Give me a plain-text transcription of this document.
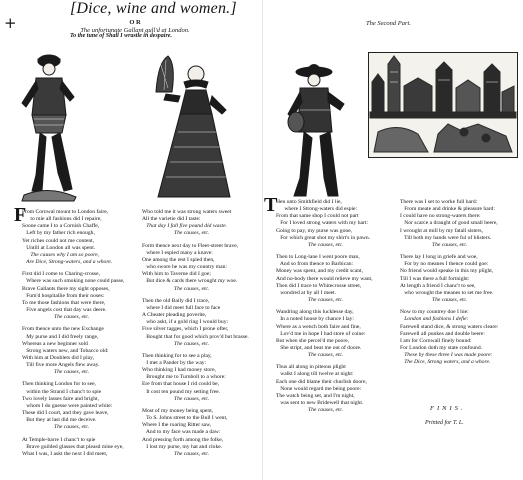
+
[Dice, wine and women.]
O R
The unfortunate Gallant gull'd at London.
To the tune of Shall I wrastle in despaire.
The Second Part.
F
From Cornwal mount to London faire,
to mie all fashions did I repaire,
Soone came I to a Cornish Chaffe,
Left by my father rich enough,
Yet riches could not me content,
Untill at London all was spent.
The causes why I am so poore,
Are Dice, Strong-waters, and a whore.
First did I come to Charing-crosse,
Where was such smoking none could passe,
Brave Gallants there my sight opposes,
Fum'd hospitallie from their noses:
To me those fashions that were there,
Five angels cost that day was deere.
The causes, etc.
From thence unto the new Exchange
My purse and I did freely range,
Whereas a new beginner sold
Strong waters new, and Tobacco old:
With him at Doublets did I play,
Till five more Angels flew away.
The causes, etc.
Then thinking London for to see,
within the Strand I chanc't to spie
Two lovely lasses faire and bright,
whom I do guesse were painted white:
These did I court, and they gave leave,
But they at last did me deceive.
The causes, etc.
At Temple-barre I chanc't to spie
Brave guilded glasses that pleasd mine eye,
What I was, I askt the next I did meet,
Who told me it was strong waters sweet
All the varietie did I taste:
That day I fall five pound did waste.
The causes, etc.
Form thence next day to Fleet-street brave,
where I espied many a knave:
One among the rest I spied then,
who swore he was my country man:
With him to Taverne did I goe;
But dice & cards there wrought my woe.
The causes, etc.
Then the old Baily did I trace,
where I did meet full face to face
A Cheater pleading poverite,
who askt, if a gold ring I would buy:
Five silver tagges, which I prone ofter,
Bought that for good which prov'd but brasse.
The causes, etc.
Then thinking for to see a play,
I met a Pander by the way:
Who thinking I had money store,
Brought me to Turnboll to a whore:
Ere from that house I rid could be,
It cost ten pound my setting free.
The causes, etc.
Most of my money being spent,
To S. Johns street to the Bull I went,
Where I the roaring Ritter saw,
And to my face was made a daw:
And pressing forth among the folke,
I lost my purse, my hat and cloke.
The causes, etc.
T
Hen unto Smithfield did I lie,
where I Strong-waters did espie:
From that same shop I could not part
For I loved strong waters with my hart:
Going to pay, my purse was gone,
For which great shot my shirt's in pawn.
The causes, etc.
Then to Long-lane I went poore man,
And so from thence to Barbican:
Money was spent, and my credit scant,
And no-body there would relieve my want,
Then did I trace to Whitecrosse street,
wondred at by all I meet.
The causes, etc.
Wandring along this lucklesse day,
In a noted house by chance I lay:
Where as a wench both faire and fine,
Lov'd me in hope I had store of coine:
But when she percei'd me poore,
She stript, and beat me out of doore.
The causes, etc.
Thus all along in piteous plight
walkt I along till twelve at night:
Each one did blame their churlish doore,
None would regard me being poore:
The watch being set, and I'm night,
was sent to new Bridewell that night.
The causes, etc.
There was I set to worke full hard:
From meate and drinke & pleasure hard:
I could have no strong-waters there:
Nor scarce a draught of good small beere,
I wrought at mill by my fatall sisters,
Till both my hands were ful of blisters.
The causes, etc.
There lay I long in griefe and woe,
For by no meanes I thence could goe:
No friend would speake in this my plight,
Till I was there a full fortnight:
At length a friend I chanc't to see,
who wrought the meanes to set me free.
The causes, etc.
Now to my countrey doe I hie:
London and fashions I defie:
Farewell stand dice, & strong waters cleare:
Farewell all punkes and double beere:
I am for Cornwall finely bound:
For London doth my state confound.
These by these three I was made poore:
The Dice, Strong waters, and a whore.
FINIS.
Printed for T. L.
